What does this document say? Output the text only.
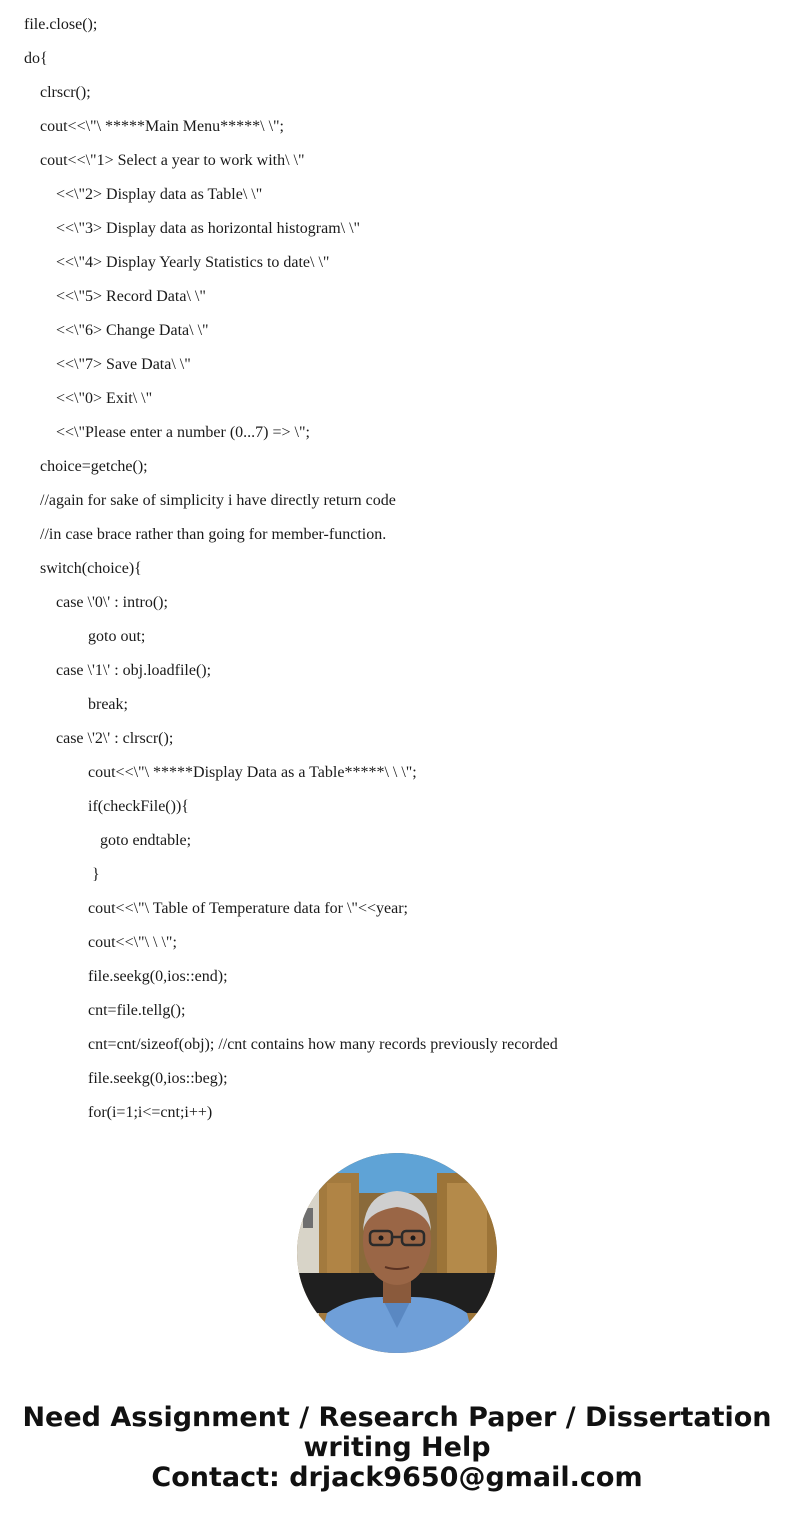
file.close();
do{
clrscr();
cout<<\"\ *****Main Menu*****\ \";
cout<<\"1> Select a year to work with\ \"
<<\"2> Display data as Table\ \"
<<\"3> Display data as horizontal histogram\ \"
<<\"4> Display Yearly Statistics to date\ \"
<<\"5> Record Data\ \"
<<\"6> Change Data\ \"
<<\"7> Save Data\ \"
<<\"0> Exit\ \"
<<\"Please enter a number (0...7) => \";
choice=getche();
//again for sake of simplicity i have directly return code
//in case brace rather than going for member-function.
switch(choice){
case \'0\' : intro();
goto out;
case \'1\' : obj.loadfile();
break;
case \'2\' : clrscr();
cout<<\"\ *****Display Data as a Table*****\ \ \";
if(checkFile()){
goto endtable;
}
cout<<\"\ Table of Temperature data for \"<<year;
cout<<\"\ \ \";
file.seekg(0,ios::end);
cnt=file.tellg();
cnt=cnt/sizeof(obj); //cnt contains how many records previously recorded
file.seekg(0,ios::beg);
for(i=1;i<=cnt;i++)
Need Assignment / Research Paper / Dissertation
writing Help
Contact: drjack9650@gmail.com
